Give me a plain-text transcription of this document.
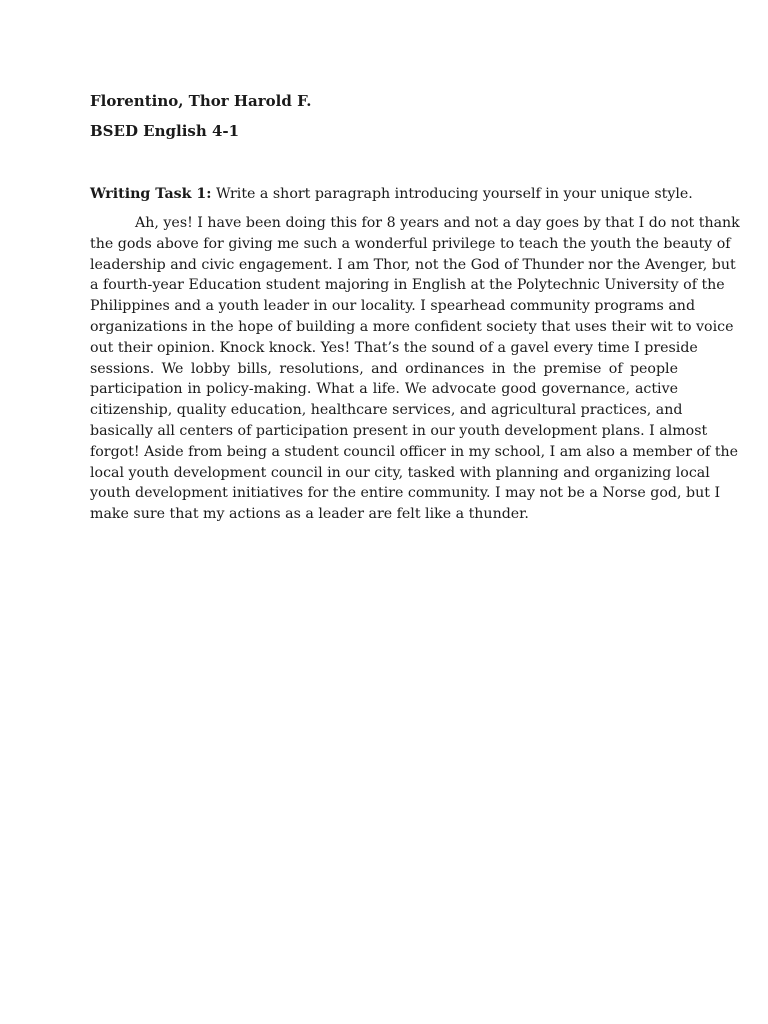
Florentino, Thor Harold F.
BSED English 4-1
Writing Task 1: Write a short paragraph introducing yourself in your unique style.
Ah, yes! I have been doing this for 8 years and not a day goes by that I do not thank
the gods above for giving me such a wonderful privilege to teach the youth the beauty of
leadership and civic engagement. I am Thor, not the God of Thunder nor the Avenger, but
a fourth-year Education student majoring in English at the Polytechnic University of the
Philippines and a youth leader in our locality. I spearhead community programs and
organizations in the hope of building a more confident society that uses their wit to voice
out their opinion. Knock knock. Yes! That’s the sound of a gavel every time I preside
sessions. We lobby bills, resolutions, and ordinances in the premise of people
participation in policy-making. What a life. We advocate good governance, active
citizenship, quality education, healthcare services, and agricultural practices, and
basically all centers of participation present in our youth development plans. I almost
forgot! Aside from being a student council officer in my school, I am also a member of the
local youth development council in our city, tasked with planning and organizing local
youth development initiatives for the entire community. I may not be a Norse god, but I
make sure that my actions as a leader are felt like a thunder.
